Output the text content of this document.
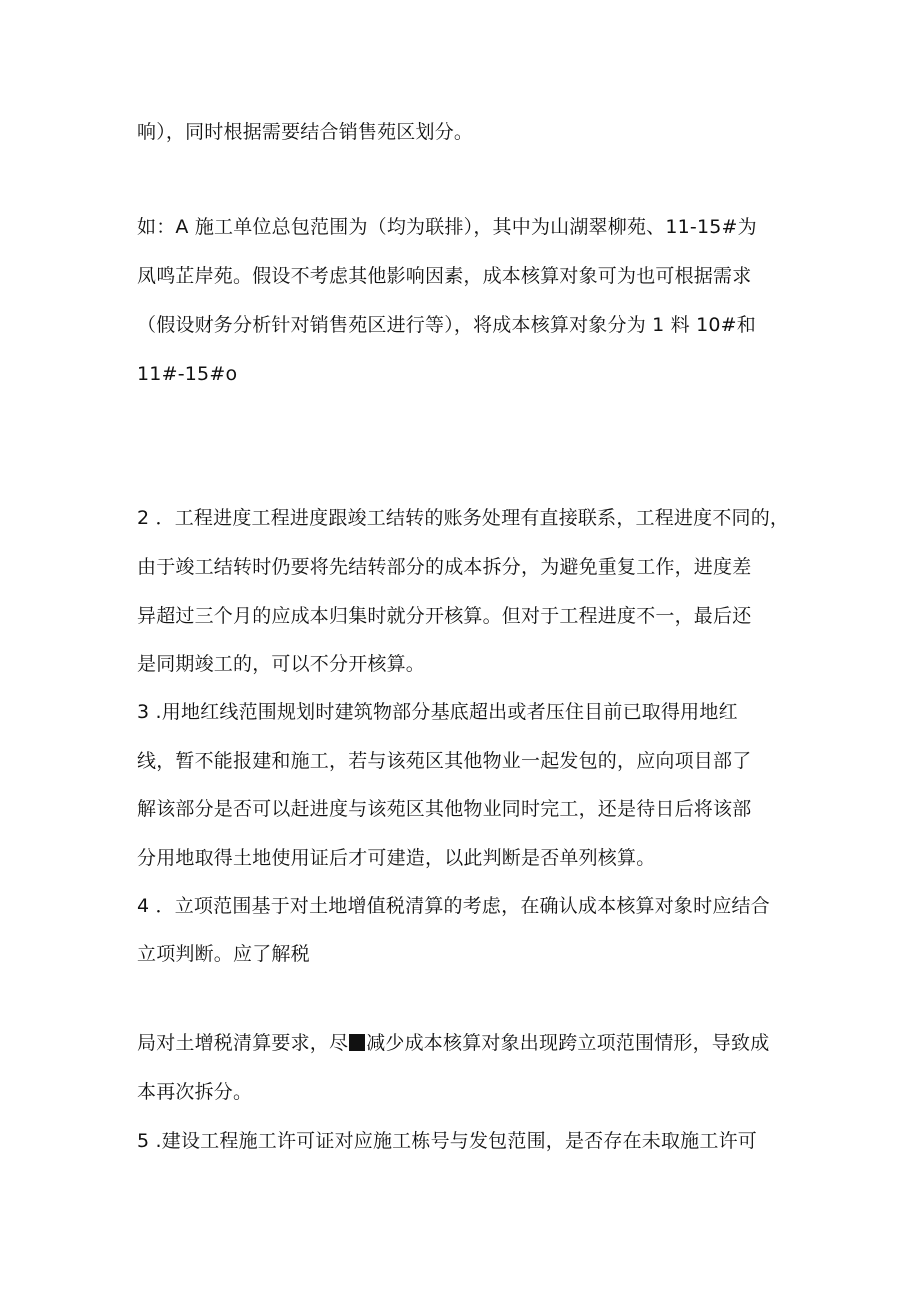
响），同时根据需要结合销售苑区划分。
如：A 施工单位总包范围为（均为联排），其中为山湖翠柳苑、11-15#为
凤鸣芷岸苑。假设不考虑其他影响因素，成本核算对象可为也可根据需求
（假设财务分析针对销售苑区进行等），将成本核算对象分为 1 料 10#和
11#-15#o
2 ．工程进度工程进度跟竣工结转的账务处理有直接联系，工程进度不同的，
由于竣工结转时仍要将先结转部分的成本拆分，为避免重复工作，进度差
异超过三个月的应成本归集时就分开核算。但对于工程进度不一，最后还
是同期竣工的，可以不分开核算。
3 .用地红线范围规划时建筑物部分基底超出或者压住目前已取得用地红
线，暂不能报建和施工，若与该苑区其他物业一起发包的，应向项目部了
解该部分是否可以赶进度与该苑区其他物业同时完工，还是待日后将该部
分用地取得土地使用证后才可建造，以此判断是否单列核算。
4 ．立项范围基于对土地增值税清算的考虑，在确认成本核算对象时应结合
立项判断。应了解税
局对土增税清算要求，尽 减少成本核算对象出现跨立项范围情形，导致成
本再次拆分。
5 .建设工程施工许可证对应施工栋号与发包范围，是否存在未取施工许可
